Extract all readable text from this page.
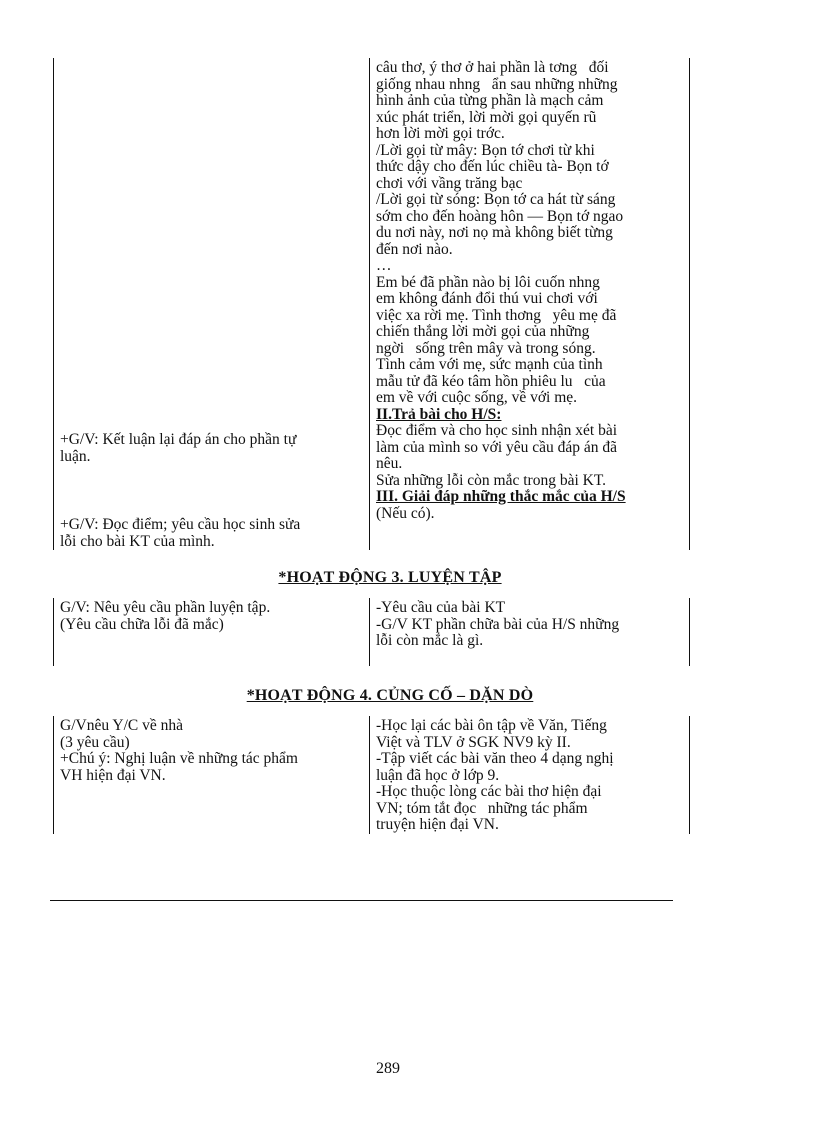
+G/V: Kết luận lại đáp án cho phần tự

luận.

+G/V: Đọc điểm; yêu cầu học sinh sửa

lỗi cho bài KT của mình.

câu thơ, ý thơ ở hai phần là tơng   đối

giống nhau nhng   ẩn sau những những

hình ảnh của từng phần là mạch cảm

xúc phát triển, lời mời gọi quyến rũ

hơn lời mời gọi trớc.

/Lời gọi từ mây: Bọn tớ chơi từ khi

thức dậy cho đến lúc chiều tà- Bọn tớ

chơi với vầng trăng bạc

/Lời gọi từ sóng: Bọn tớ ca hát từ sáng

sớm cho đến hoàng hôn — Bọn tớ ngao

du nơi này, nơi nọ mà không biết từng

đến nơi nào.

…

Em bé đã phần nào bị lôi cuốn nhng

em không đánh đổi thú vui chơi với

việc xa rời mẹ. Tình thơng   yêu mẹ đã

chiến thắng lời mời gọi của những

ngời   sống trên mây và trong sóng.

Tình cảm với mẹ, sức mạnh của tình

mẫu tử đã kéo tâm hồn phiêu lu   của

em về với cuộc sống, về với mẹ.

II.Trả bài cho H/S:

Đọc điểm và cho học sinh nhận xét bài

làm của mình so với yêu cầu đáp án đã

nêu.

Sửa những lỗi còn mắc trong bài KT.

III. Giải đáp những thắc mắc của H/S

(Nếu có).

*HOẠT ĐỘNG 3. LUYỆN TẬP

G/V: Nêu yêu cầu phần luyện tập.

(Yêu cầu chữa lỗi đã mắc)

-Yêu cầu của bài KT

-G/V KT phần chữa bài của H/S những

lỗi còn mắc là gì.

*HOẠT ĐỘNG 4. CỦNG CỐ – DẶN DÒ

G/Vnêu Y/C về nhà

(3 yêu cầu)

+Chú ý: Nghị luận về những tác phẩm

VH hiện đại VN.

-Học lại các bài ôn tập về Văn, Tiếng

Việt và TLV ở SGK NV9 kỳ II.

-Tập viết các bài văn theo 4 dạng nghị

luận đã học ở lớp 9.

-Học thuộc lòng các bài thơ hiện đại

VN; tóm tắt đọc   những tác phẩm

truyện hiện đại VN.

289
